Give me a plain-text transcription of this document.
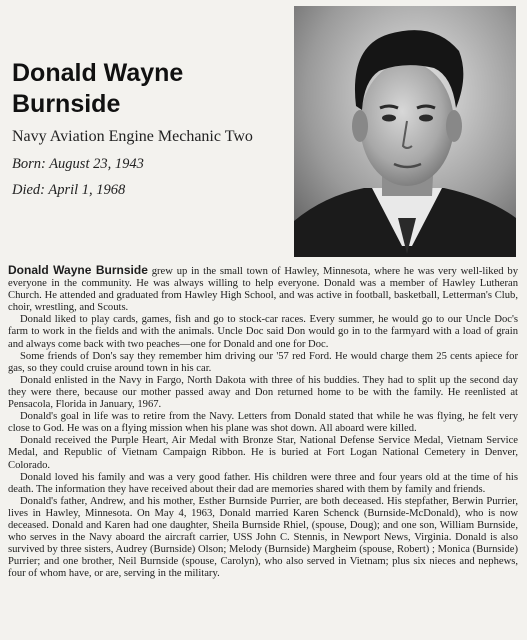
Donald Wayne
Burnside
Navy Aviation Engine Mechanic Two
Born: August 23, 1943
Died: April 1, 1968

Donald Wayne Burnside grew up in the small town of Hawley, Minnesota, where he was very well-liked by everyone in the community. He was always willing to help everyone. Donald was a member of Hawley Lutheran Church. He attended and graduated from Hawley High School, and was active in football, basketball, Letterman's Club, choir, wrestling, and Scouts.

Donald liked to play cards, games, fish and go to stock-car races. Every summer, he would go to our Uncle Doc's farm to work in the fields and with the animals. Uncle Doc said Don would go in to the farmyard with a load of grain and always come back with two peaches—one for Donald and one for Doc.

Some friends of Don's say they remember him driving our '57 red Ford. He would charge them 25 cents apiece for gas, so they could cruise around town in his car.

Donald enlisted in the Navy in Fargo, North Dakota with three of his buddies. They had to split up the second day they were there, because our mother passed away and Don returned home to be with the family. He reenlisted at Pensacola, Florida in January, 1967.

Donald's goal in life was to retire from the Navy. Letters from Donald stated that while he was flying, he felt very close to God. He was on a flying mission when his plane was shot down. All aboard were killed.

Donald received the Purple Heart, Air Medal with Bronze Star, National Defense Service Medal, Vietnam Service Medal, and Republic of Vietnam Campaign Ribbon. He is buried at Fort Logan National Cemetery in Denver, Colorado.

Donald loved his family and was a very good father. His children were three and four years old at the time of his death. The information they have received about their dad are memories shared with them by family and friends.

Donald's father, Andrew, and his mother, Esther Burnside Purrier, are both deceased. His stepfather, Berwin Purrier, lives in Hawley, Minnesota. On May 4, 1963, Donald married Karen Schenck (Burnside-McDonald), who is now deceased. Donald and Karen had one daughter, Sheila Burnside Rhiel, (spouse, Doug); and one son, William Burnside, who serves in the Navy aboard the aircraft carrier, USS John C. Stennis, in Newport News, Virginia. Donald is also survived by three sisters, Audrey (Burnside) Olson; Melody (Burnside) Margheim (spouse, Robert) ; Monica (Burnside) Purrier; and one brother, Neil Burnside (spouse, Carolyn), who also served in Vietnam; plus six nieces and nephews, four of whom have, or are, serving in the military.
